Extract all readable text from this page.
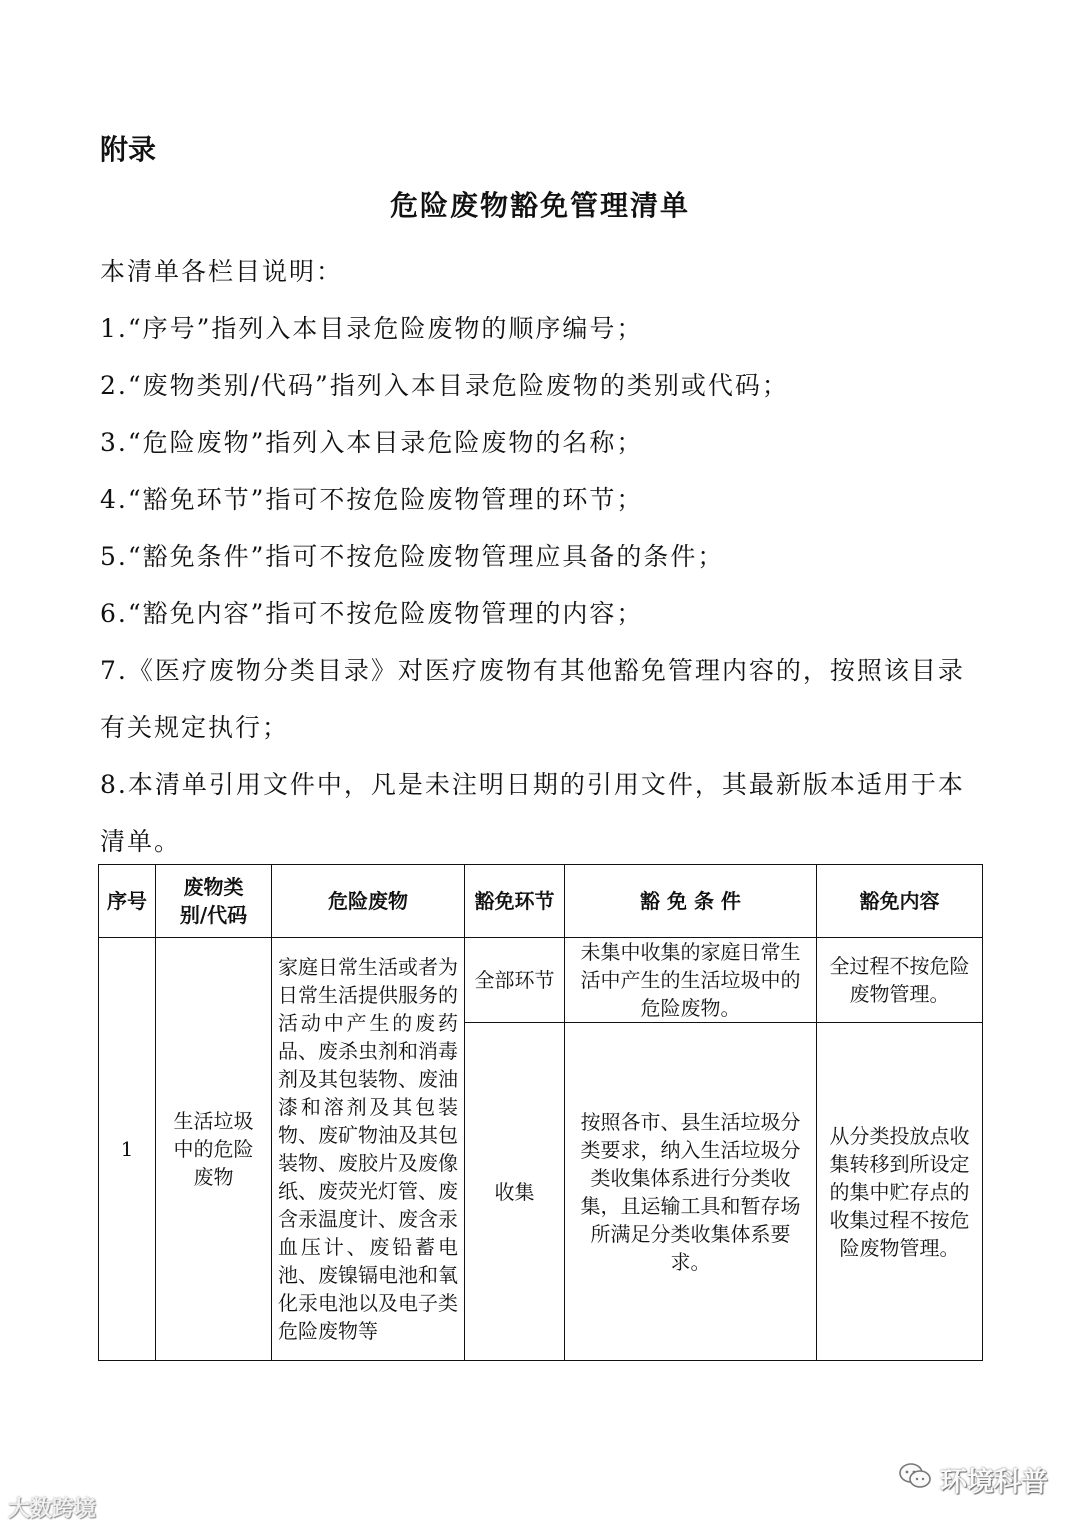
附录
危险废物豁免管理清单

本清单各栏目说明：

1.“序号”指列入本目录危险废物的顺序编号；

2.“废物类别/代码”指列入本目录危险废物的类别或代码；

3.“危险废物”指列入本目录危险废物的名称；

4.“豁免环节”指可不按危险废物管理的环节；

5.“豁免条件”指可不按危险废物管理应具备的条件；

6.“豁免内容”指可不按危险废物管理的内容；

7.《医疗废物分类目录》对医疗废物有其他豁免管理内容的，按照该目录有关规定执行；

8.本清单引用文件中，凡是未注明日期的引用文件，其最新版本适用于本清单。

序号	废物类别/代码	危险废物	豁免环节	豁 免 条 件	豁免内容
1	生活垃圾中的危险废物	家庭日常生活或者为日常生活提供服务的活动中产生的废药品、废杀虫剂和消毒剂及其包装物、废油漆和溶剂及其包装物、废矿物油及其包装物、废胶片及废像纸、废荧光灯管、废含汞温度计、废含汞血压计、废铅蓄电池、废镍镉电池和氧化汞电池以及电子类危险废物等	全部环节	未集中收集的家庭日常生活中产生的生活垃圾中的危险废物。	全过程不按危险废物管理。
			收集	按照各市、县生活垃圾分类要求，纳入生活垃圾分类收集体系进行分类收集，且运输工具和暂存场所满足分类收集体系要求。	从分类投放点收集转移到所设定的集中贮存点的收集过程不按危险废物管理。
大数跨境
环境科普
